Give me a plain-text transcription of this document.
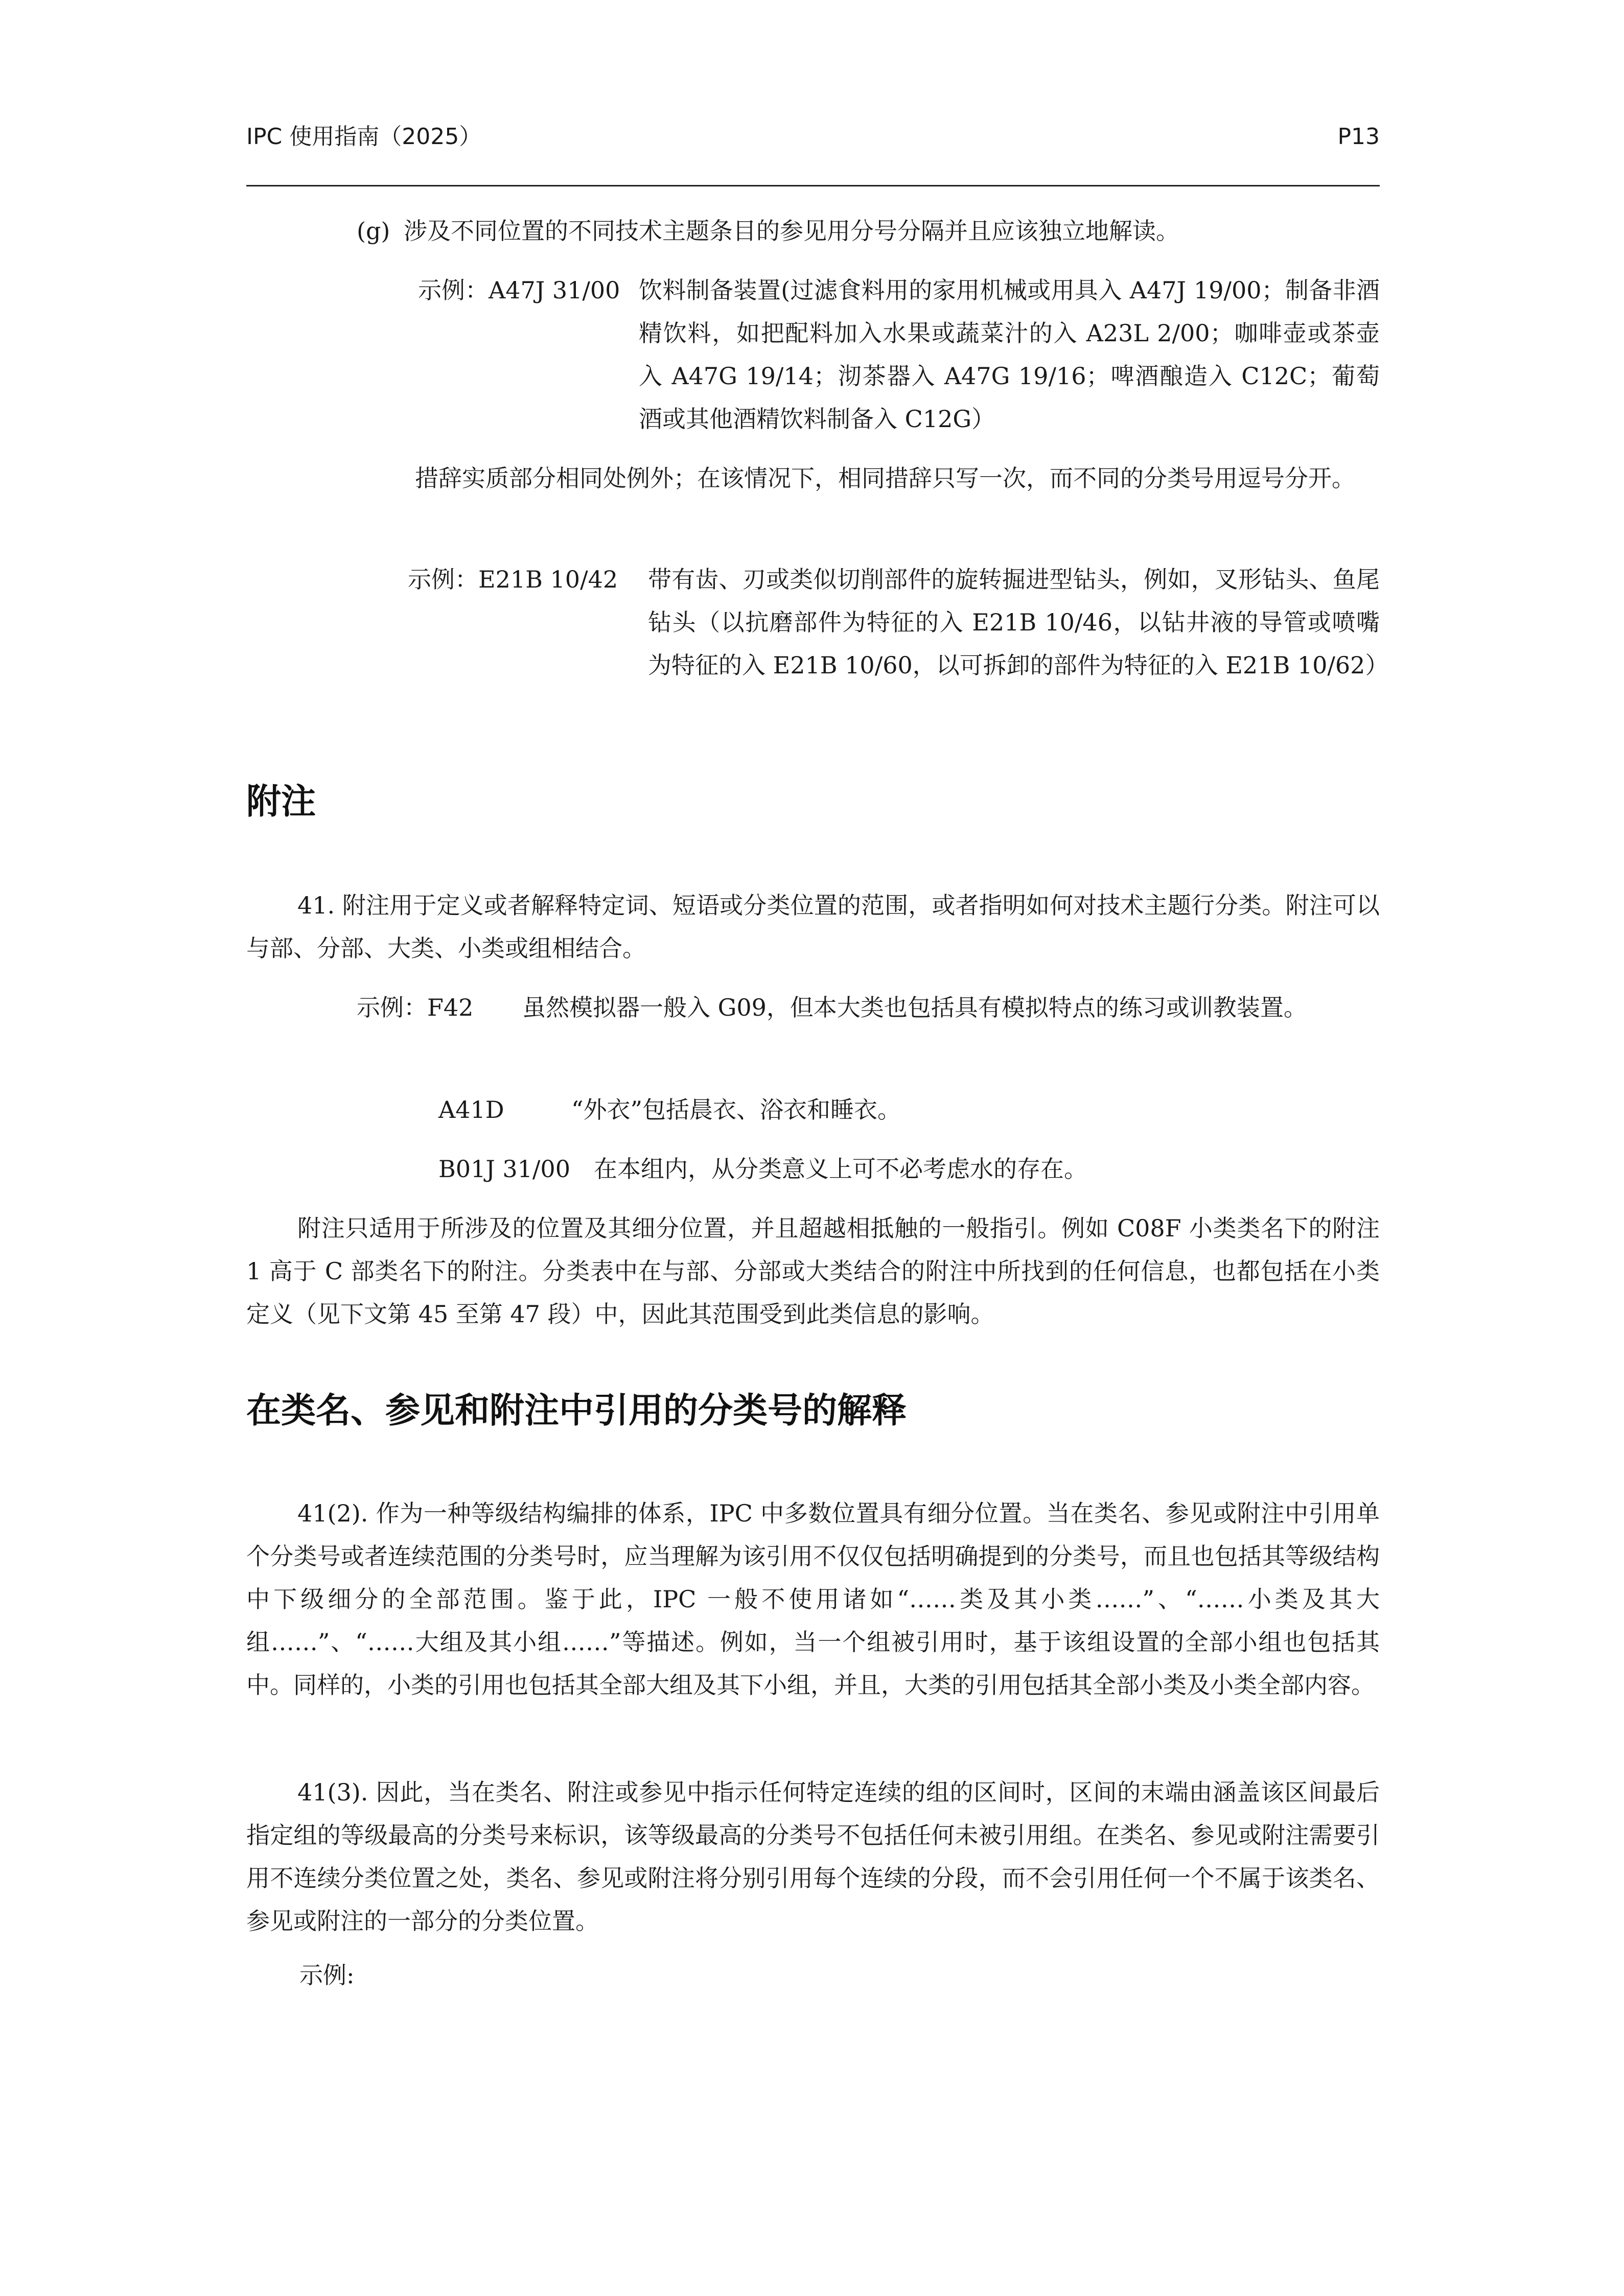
IPC 使用指南（2025）	P13
(g) 涉及不同位置的不同技术主题条目的参见用分号分隔并且应该独立地解读。
示例：A47J 31/00 饮料制备装置(过滤食料用的家用机械或用具入 A47J 19/00；制备非酒精饮料，如把配料加入水果或蔬菜汁的入 A23L 2/00；咖啡壶或茶壶入 A47G 19/14；沏茶器入 A47G 19/16；啤酒酿造入 C12C；葡萄酒或其他酒精饮料制备入 C12G）
措辞实质部分相同处例外；在该情况下，相同措辞只写一次，而不同的分类号用逗号分开。
示例：E21B 10/42 带有齿、刃或类似切削部件的旋转掘进型钻头，例如，叉形钻头、鱼尾钻头（以抗磨部件为特征的入 E21B 10/46，以钻井液的导管或喷嘴为特征的入 E21B 10/60，以可拆卸的部件为特征的入 E21B 10/62）
附注
41. 附注用于定义或者解释特定词、短语或分类位置的范围，或者指明如何对技术主题行分类。附注可以与部、分部、大类、小类或组相结合。
示例：F42 虽然模拟器一般入 G09，但本大类也包括具有模拟特点的练习或训教装置。
A41D	“外衣”包括晨衣、浴衣和睡衣。
B01J 31/00 在本组内，从分类意义上可不必考虑水的存在。
附注只适用于所涉及的位置及其细分位置，并且超越相抵触的一般指引。例如 C08F 小类类名下的附注 1 高于 C 部类名下的附注。分类表中在与部、分部或大类结合的附注中所找到的任何信息，也都包括在小类定义（见下文第 45 至第 47 段）中，因此其范围受到此类信息的影响。
在类名、参见和附注中引用的分类号的解释
41(2). 作为一种等级结构编排的体系，IPC 中多数位置具有细分位置。当在类名、参见或附注中引用单个分类号或者连续范围的分类号时，应当理解为该引用不仅仅包括明确提到的分类号，而且也包括其等级结构中下级细分的全部范围。鉴于此，IPC 一般不使用诸如“……类及其小类……”、“……小类及其大组……”、“……大组及其小组……”等描述。例如，当一个组被引用时，基于该组设置的全部小组也包括其中。同样的，小类的引用也包括其全部大组及其下小组，并且，大类的引用包括其全部小类及小类全部内容。
41(3). 因此，当在类名、附注或参见中指示任何特定连续的组的区间时，区间的末端由涵盖该区间最后指定组的等级最高的分类号来标识，该等级最高的分类号不包括任何未被引用组。在类名、参见或附注需要引用不连续分类位置之处，类名、参见或附注将分别引用每个连续的分段，而不会引用任何一个不属于该类名、参见或附注的一部分的分类位置。
示例:
